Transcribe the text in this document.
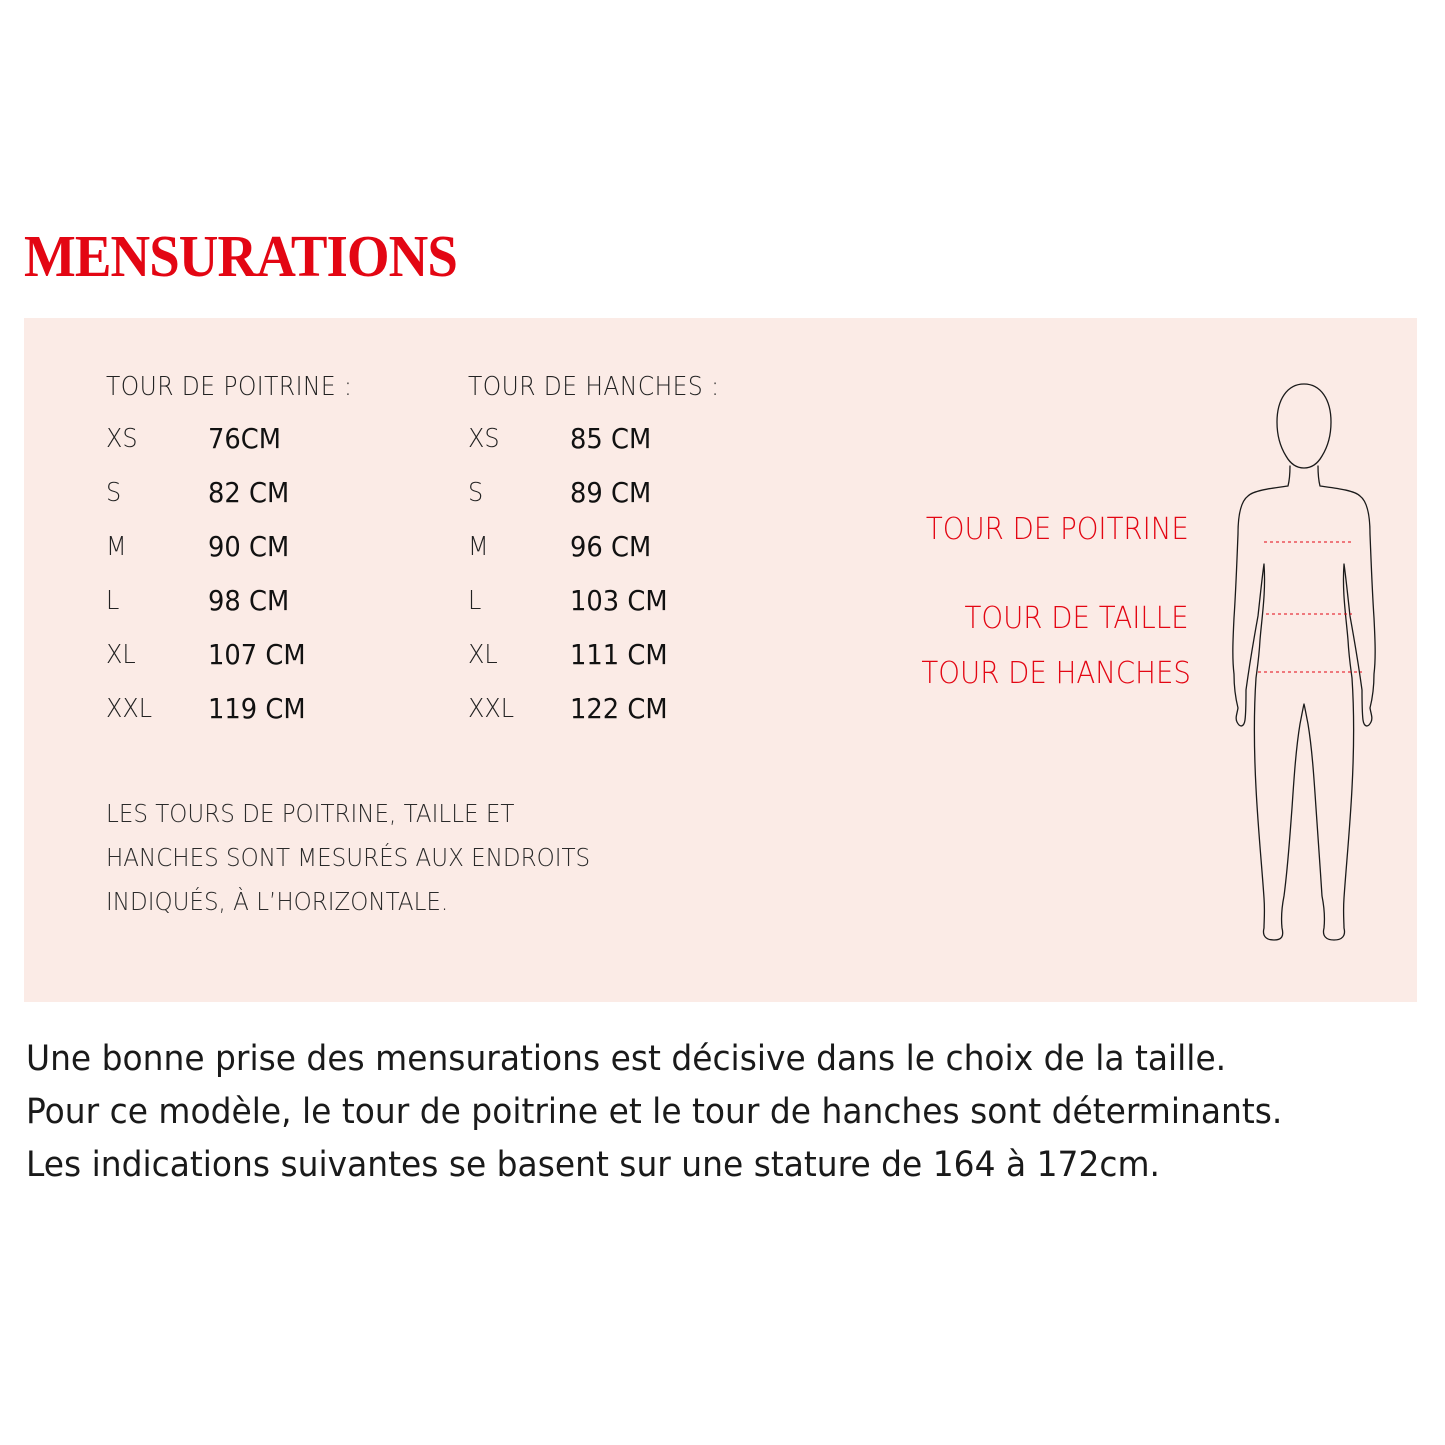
MENSURATIONS
TOUR DE POITRINE :
XS	76CM
S	82 CM
M	90 CM
L	98 CM
XL	107 CM
XXL 119 CM
TOUR DE HANCHES :
XS	85 CM
S	89 CM
M	96 CM
L	103 CM
XL	111 CM
XXL 122 CM

LES TOURS DE POITRINE, TAILLE ET
HANCHES SONT MESURÉS AUX ENDROITS
INDIQUÉS, À L’HORIZONTALE.

TOUR DE POITRINE
TOUR DE TAILLE
TOUR DE HANCHES

Une bonne prise des mensurations est décisive dans le choix de la taille.
Pour ce modèle, le tour de poitrine et le tour de hanches sont déterminants.
Les indications suivantes se basent sur une stature de 164 à 172cm.
